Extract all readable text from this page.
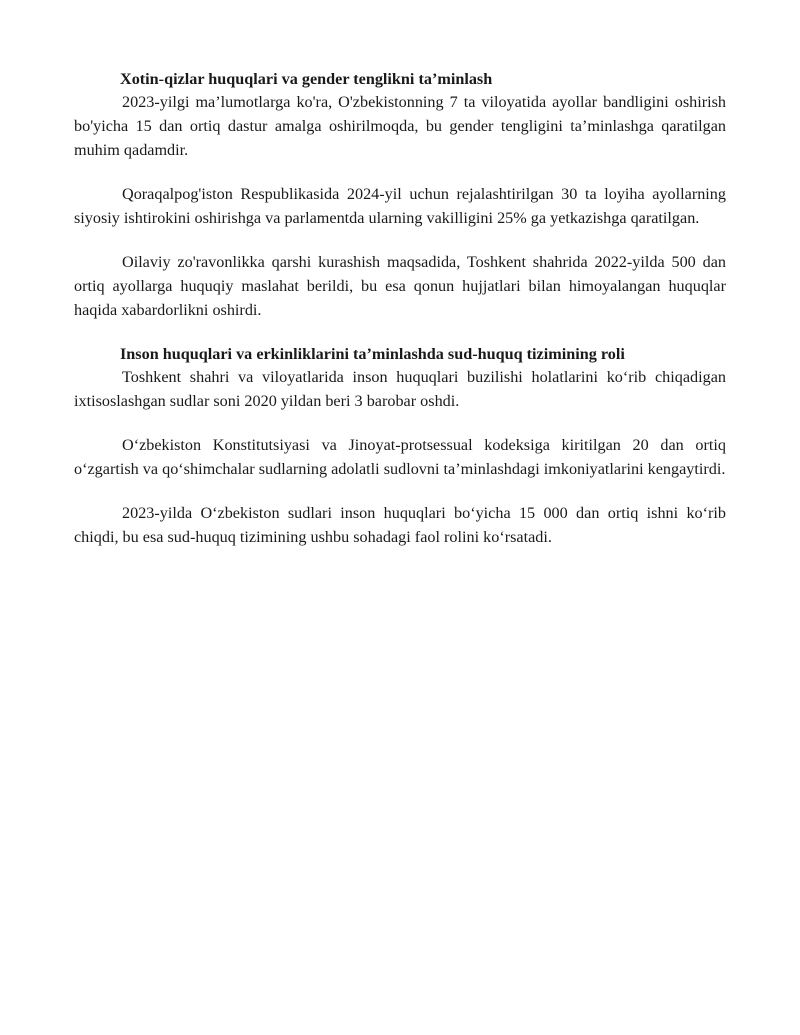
Xotin-qizlar huquqlari va gender tenglikni ta’minlash

2023-yilgi ma’lumotlarga ko'ra, O'zbekistonning 7 ta viloyatida ayollar bandligini oshirish bo'yicha 15 dan ortiq dastur amalga oshirilmoqda, bu gender tengligini ta’minlashga qaratilgan muhim qadamdir.

Qoraqalpog'iston Respublikasida 2024-yil uchun rejalashtirilgan 30 ta loyiha ayollarning siyosiy ishtirokini oshirishga va parlamentda ularning vakilligini 25% ga yetkazishga qaratilgan.

Oilaviy zo'ravonlikka qarshi kurashish maqsadida, Toshkent shahrida 2022-yilda 500 dan ortiq ayollarga huquqiy maslahat berildi, bu esa qonun hujjatlari bilan himoyalangan huquqlar haqida xabardorlikni oshirdi.

Inson huquqlari va erkinliklarini ta’minlashda sud-huquq tizimining roli

Toshkent shahri va viloyatlarida inson huquqlari buzilishi holatlarini ko‘rib chiqadigan ixtisoslashgan sudlar soni 2020 yildan beri 3 barobar oshdi.

O‘zbekiston Konstitutsiyasi va Jinoyat-protsessual kodeksiga kiritilgan 20 dan ortiq o‘zgartish va qo‘shimchalar sudlarning adolatli sudlovni ta’minlashdagi imkoniyatlarini kengaytirdi.

2023-yilda O‘zbekiston sudlari inson huquqlari bo‘yicha 15 000 dan ortiq ishni ko‘rib chiqdi, bu esa sud-huquq tizimining ushbu sohadagi faol rolini ko‘rsatadi.
